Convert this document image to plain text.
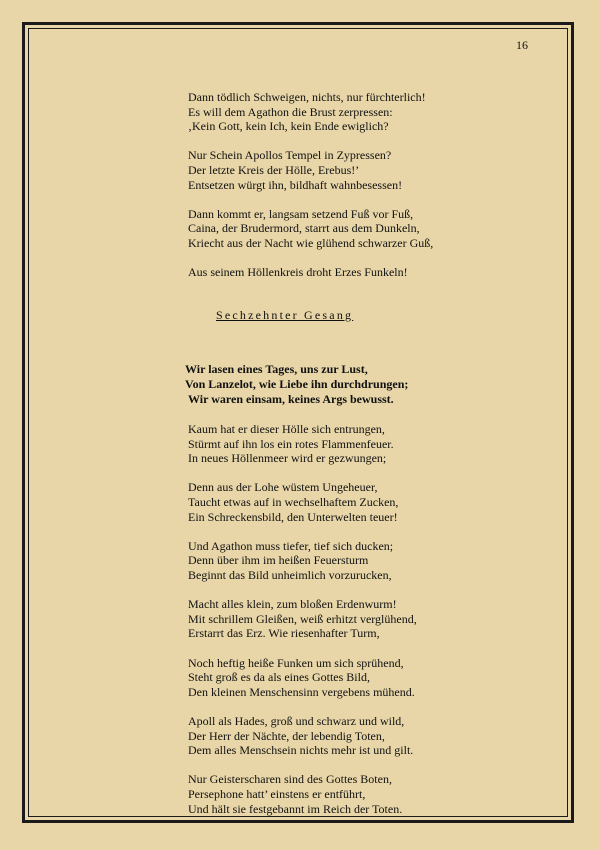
16
Dann tödlich Schweigen, nichts, nur fürchterlich!
Es will dem Agathon die Brust zerpressen:
‚Kein Gott, kein Ich, kein Ende ewiglich?
Nur Schein Apollos Tempel in Zypressen?
Der letzte Kreis der Hölle, Erebus!’
Entsetzen würgt ihn, bildhaft wahnbesessen!
Dann kommt er, langsam setzend Fuß vor Fuß,
Caina, der Brudermord, starrt aus dem Dunkeln,
Kriecht aus der Nacht wie glühend schwarzer Guß,
Aus seinem Höllenkreis droht Erzes Funkeln!
Sechzehnter Gesang
Wir lasen eines Tages, uns zur Lust,
Von Lanzelot, wie Liebe ihn durchdrungen;
Wir waren einsam, keines Args bewusst.
Kaum hat er dieser Hölle sich entrungen,
Stürmt auf ihn los ein rotes Flammenfeuer.
In neues Höllenmeer wird er gezwungen;
Denn aus der Lohe wüstem Ungeheuer,
Taucht etwas auf in wechselhaftem Zucken,
Ein Schreckensbild, den Unterwelten teuer!
Und Agathon muss tiefer, tief sich ducken;
Denn über ihm im heißen Feuersturm
Beginnt das Bild unheimlich vorzurucken,
Macht alles klein, zum bloßen Erdenwurm!
Mit schrillem Gleißen, weiß erhitzt verglühend,
Erstarrt das Erz. Wie riesenhafter Turm,
Noch heftig heiße Funken um sich sprühend,
Steht groß es da als eines Gottes Bild,
Den kleinen Menschensinn vergebens mühend.
Apoll als Hades, groß und schwarz und wild,
Der Herr der Nächte, der lebendig Toten,
Dem alles Menschsein nichts mehr ist und gilt.
Nur Geisterscharen sind des Gottes Boten,
Persephone hatt’ einstens er entführt,
Und hält sie festgebannt im Reich der Toten.
